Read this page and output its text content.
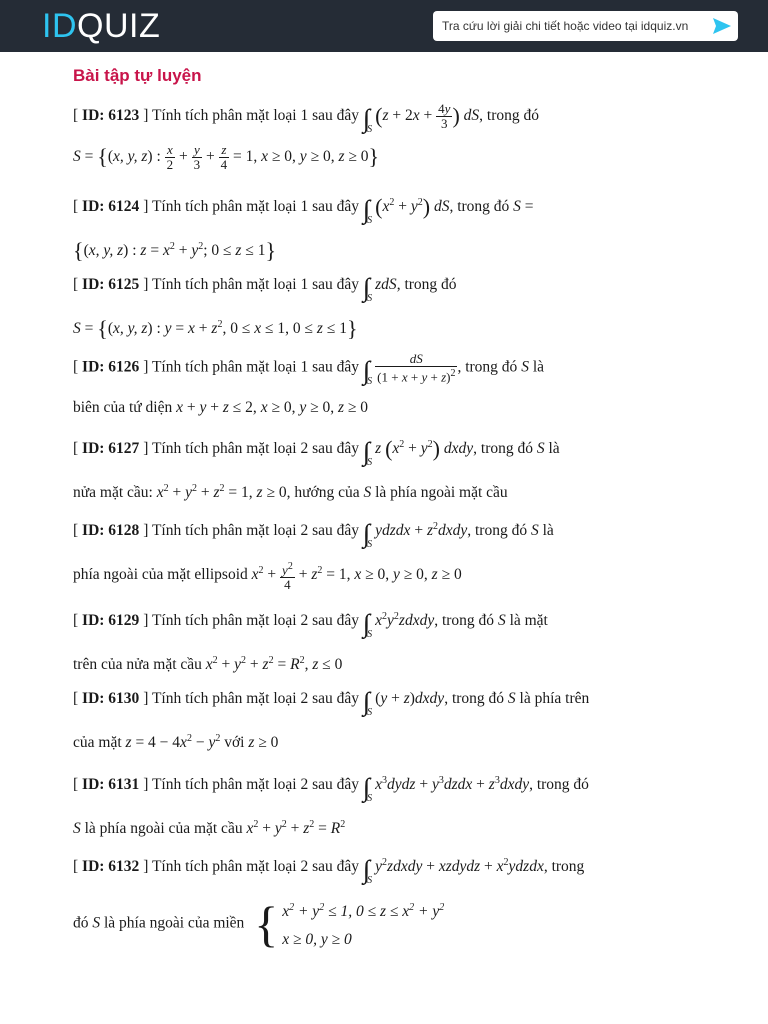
IDQUIZ	Tra cứu lời giải chi tiết hoặc video tại idquiz.vn
Bài tập tự luyện
[ ID: 6123 ] Tính tích phân mặt loại 1 sau đây ∫∫ $_S(z + 2x + \frac{4y}{3}$ ) dS, trong đó
S = {(x, y, z) : $\frac{x}{2} + \frac{y}{3} + \frac{z}{4} = 1$, x ≥ 0, y ≥ 0, z ≥ 0}
[ ID: 6124 ] Tính tích phân mặt loại 1 sau đây ∫∫ $_S(x^2 + y^2)$ dS, trong đó S =
{(x, y, z) : $z = x^2 + y^2$; 0 ≤ z ≤ 1}
[ ID: 6125 ] Tính tích phân mặt loại 1 sau đây ∫∫ $_S$zdS, trong đó
S = {(x, y, z) : $y = x + z^2$, 0 ≤ x ≤ 1, 0 ≤ z ≤ 1}
[ ID: 6126 ] Tính tích phân mặt loại 1 sau đây ∫∫ $_S \frac{dS}{(1 + x + y + z)^2}$ , trong đó S là
biên của tứ diện x + y + z ≤ 2, x ≥ 0, y ≥ 0, z ≥ 0
[ ID: 6127 ] Tính tích phân mặt loại 2 sau đây ∫∫ $_S$z $(x^2 + y^2)$ dxdy, trong đó S là
nửa mặt cầu: $x^2 + y^2 + z^2 = 1$, z ≥ 0, hướng của S là phía ngoài mặt cầu
[ ID: 6128 ] Tính tích phân mặt loại 2 sau đây ∫∫ $_S$ydzdx + $z^2dxdy$, trong đó S là
phía ngoài của mặt ellipsoid $x^2 + \frac{y^2}{4} + z^2 = 1$, x ≥ 0, y ≥ 0, z ≥ 0
[ ID: 6129 ] Tính tích phân mặt loại 2 sau đây ∫∫ $_Sx^2y^2zdxdy$, trong đó S là mặt
trên của nửa mặt cầu $x^2 + y^2 + z^2 = R^2$, z ≤ 0
[ ID: 6130 ] Tính tích phân mặt loại 2 sau đây ∫∫ $_S$(y + z)dxdy, trong đó S là phía trên
của mặt $z = 4 - 4x^2 - y^2$ với z ≥ 0
[ ID: 6131 ] Tính tích phân mặt loại 2 sau đây ∫∫ $_Sx^3dydz$ + $y^3dzdx$ + $z^3dxdy$, trong đó
S là phía ngoài của mặt cầu $x^2 + y^2 + z^2 = R^2$
[ ID: 6132 ] Tính tích phân mặt loại 2 sau đây ∫∫ $_Sy^2zdxdy$ + xzdydz + $x^2ydzdx$, trong
đó S là phía ngoài của miền { $x^2 + y^2 \le 1$, $0 \le z \le x^2 + y^2$
x ≥ 0, y ≥ 0
